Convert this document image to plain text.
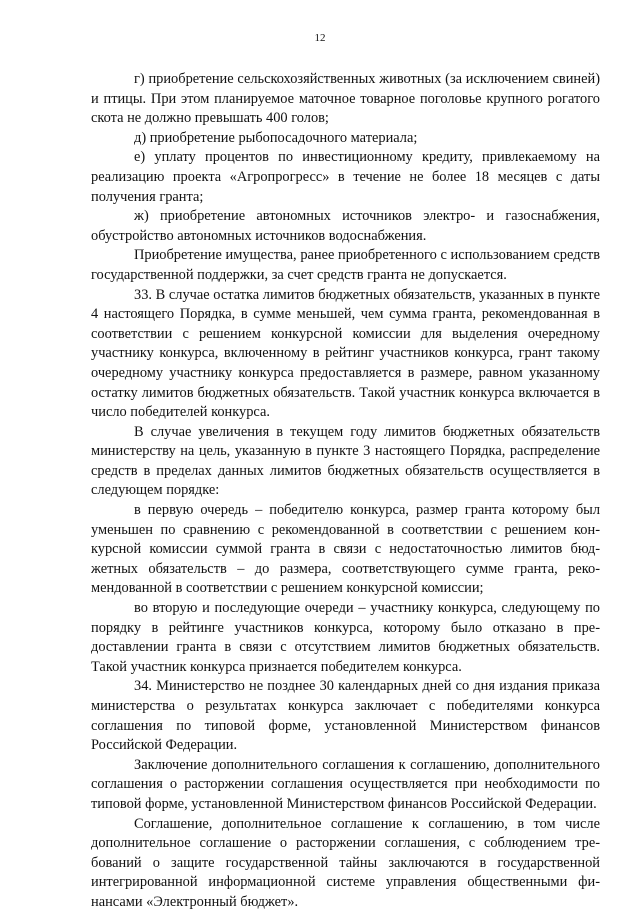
12

г) приобретение сельскохозяйственных животных (за исключением свиней) и птицы. При этом планируемое маточное товарное поголовье крупного рогатого скота не должно превышать 400 голов;

д) приобретение рыбопосадочного материала;

е) уплату процентов по инвестиционному кредиту, привлекаемому на реализацию проекта «Агропрогресс» в течение не более 18 месяцев с даты получения гранта;

ж) приобретение автономных источников электро- и газоснабжения, обустройство автономных источников водоснабжения.

Приобретение имущества, ранее приобретенного с использованием средств государственной поддержки, за счет средств гранта не допускается.

33. В случае остатка лимитов бюджетных обязательств, указанных в пункте 4 настоящего Порядка, в сумме меньшей, чем сумма гранта, рекомендованная в соответствии с решением конкурсной комиссии для выделения очередному участнику конкурса, включенному в рейтинг участников конкурса, грант такому очередному участнику конкурса предоставляется в размере, равном указанному остатку лимитов бюджетных обязательств. Такой участник конкурса включается в число победителей конкурса.

В случае увеличения в текущем году лимитов бюджетных обязательств министерству на цель, указанную в пункте 3 настоящего Порядка, распределение средств в пределах данных лимитов бюджетных обязательств осуществляется в следующем порядке:

в первую очередь – победителю конкурса, размер гранта которому был уменьшен по сравнению с рекомендованной в соответствии с решением конкурсной комиссии суммой гранта в связи с недостаточностью лимитов бюджетных обязательств – до размера, соответствующего сумме гранта, рекомендованной в соответствии с решением конкурсной комиссии;

во вторую и последующие очереди – участнику конкурса, следующему по порядку в рейтинге участников конкурса, которому было отказано в предоставлении гранта в связи с отсутствием лимитов бюджетных обязательств. Такой участник конкурса признается победителем конкурса.

34. Министерство не позднее 30 календарных дней со дня издания приказа министерства о результатах конкурса заключает с победителями конкурса соглашения по типовой форме, установленной Министерством финансов Российской Федерации.

Заключение дополнительного соглашения к соглашению, дополнительного соглашения о расторжении соглашения осуществляется при необходимости по типовой форме, установленной Министерством финансов Российской Федерации.

Соглашение, дополнительное соглашение к соглашению, в том числе дополнительное соглашение о расторжении соглашения, с соблюдением требований о защите государственной тайны заключаются в государственной интегрированной информационной системе управления общественными финансами «Электронный бюджет».
